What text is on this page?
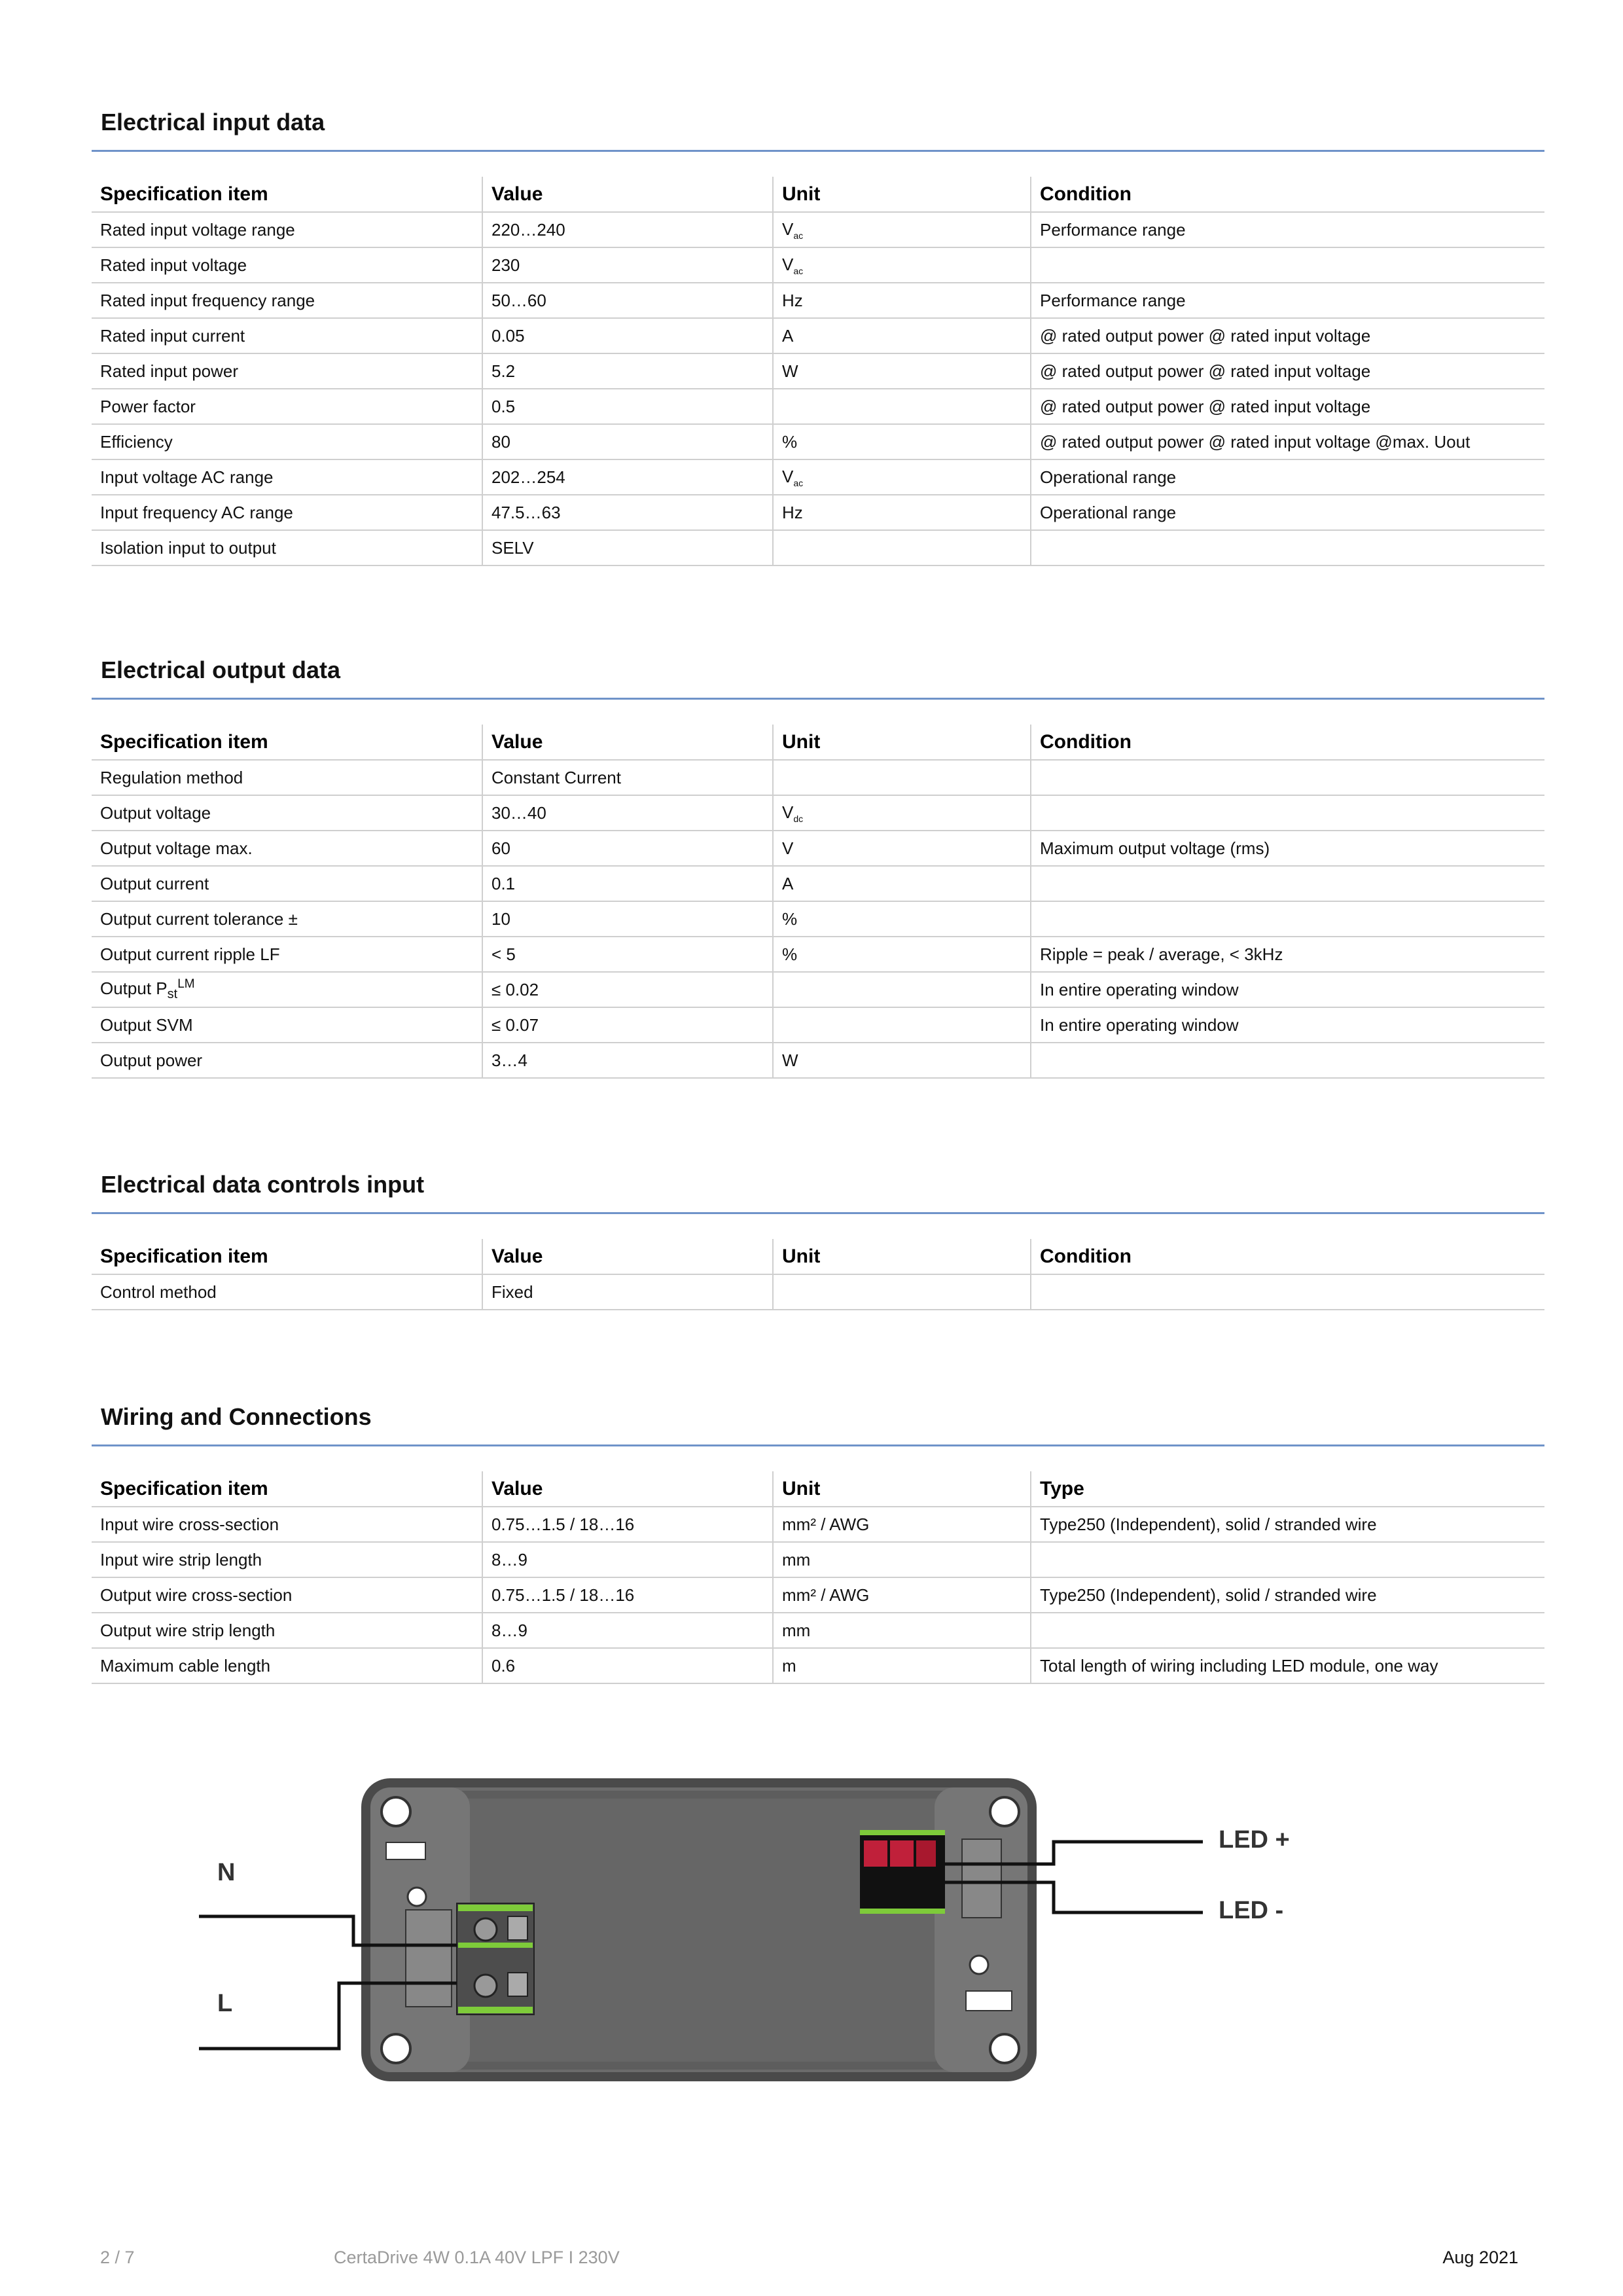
Electrical input data
Specification item	Value	Unit	Condition
Rated input voltage range	220…240	$V_{ac}$	Performance range
Rated input voltage	230	$V_{ac}$	
Rated input frequency range	50…60	Hz	Performance range
Rated input current	0.05	A	@ rated output power @ rated input voltage
Rated input power	5.2	W	@ rated output power @ rated input voltage
Power factor	0.5		@ rated output power @ rated input voltage
Efficiency	80	%	@ rated output power @ rated input voltage @max. Uout
Input voltage AC range	202…254	$V_{ac}$	Operational range
Input frequency AC range	47.5…63	Hz	Operational range
Isolation input to output	SELV		
Electrical output data
Specification item	Value	Unit	Condition
Regulation method	Constant Current		
Output voltage	30…40	$V_{dc}$	
Output voltage max.	60	V	Maximum output voltage (rms)
Output current	0.1	A	
Output current tolerance ±	10	%	
Output current ripple LF	< 5	%	Ripple = peak / average, < 3kHz
Output $P_{st}^{LM}$	≤ 0.02		In entire operating window
Output SVM	≤ 0.07		In entire operating window
Output power	3…4	W	
Electrical data controls input
Specification item	Value	Unit	Condition
Control method	Fixed		
Wiring and Connections
Specification item	Value	Unit	Type
Input wire cross-section	0.75…1.5 / 18…16	mm² / AWG	Type250 (Independent), solid / stranded wire
Input wire strip length	8…9	mm	
Output wire cross-section	0.75…1.5 / 18…16	mm² / AWG	Type250 (Independent), solid / stranded wire
Output wire strip length	8…9	mm	
Maximum cable length	0.6	m	Total length of wiring including LED module, one way
N
L
LED +
LED -
2 / 7	CertaDrive 4W 0.1A 40V LPF I 230V	Aug 2021
